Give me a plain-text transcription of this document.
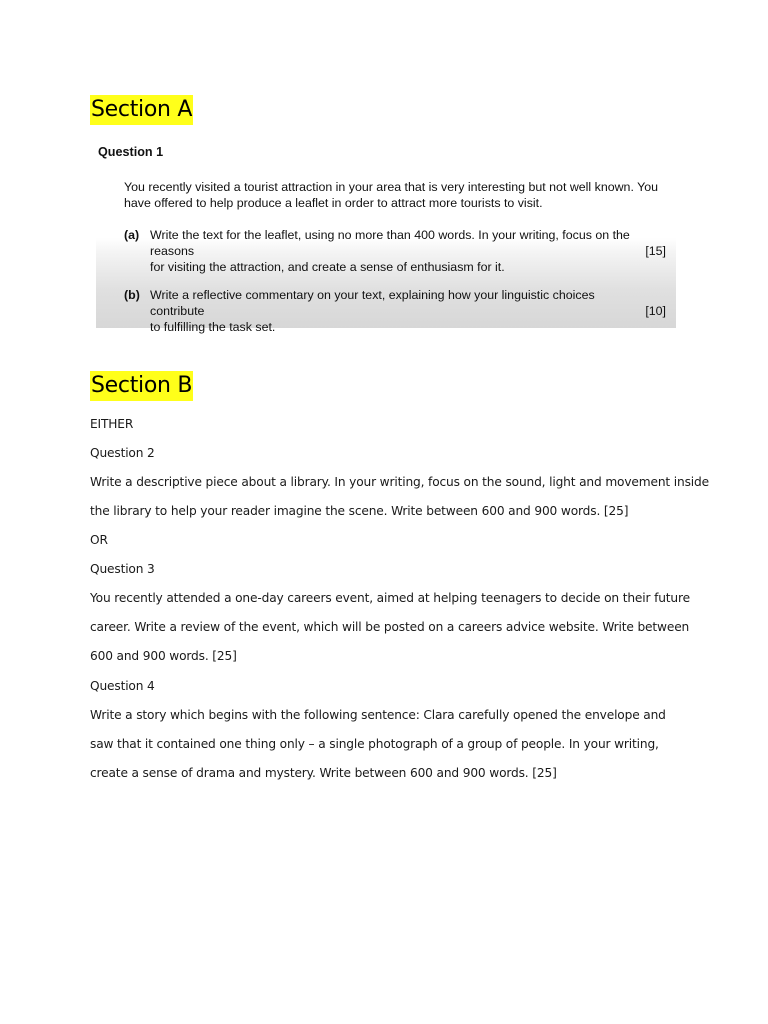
Section A
Question 1
You recently visited a tourist attraction in your area that is very interesting but not well known. You
have offered to help produce a leaflet in order to attract more tourists to visit.
(a) Write the text for the leaflet, using no more than 400 words. In your writing, focus on the reasons
for visiting the attraction, and create a sense of enthusiasm for it.
[15]
(b) Write a reflective commentary on your text, explaining how your linguistic choices contribute
to fulfilling the task set.
[10]
Section B

EITHER

Question 2

Write a descriptive piece about a library. In your writing, focus on the sound, light and movement inside

the library to help your reader imagine the scene. Write between 600 and 900 words. [25]

OR

Question 3

You recently attended a one-day careers event, aimed at helping teenagers to decide on their future

career. Write a review of the event, which will be posted on a careers advice website. Write between

600 and 900 words. [25]

Question 4

Write a story which begins with the following sentence: Clara carefully opened the envelope and

saw that it contained one thing only – a single photograph of a group of people. In your writing,

create a sense of drama and mystery. Write between 600 and 900 words. [25]
